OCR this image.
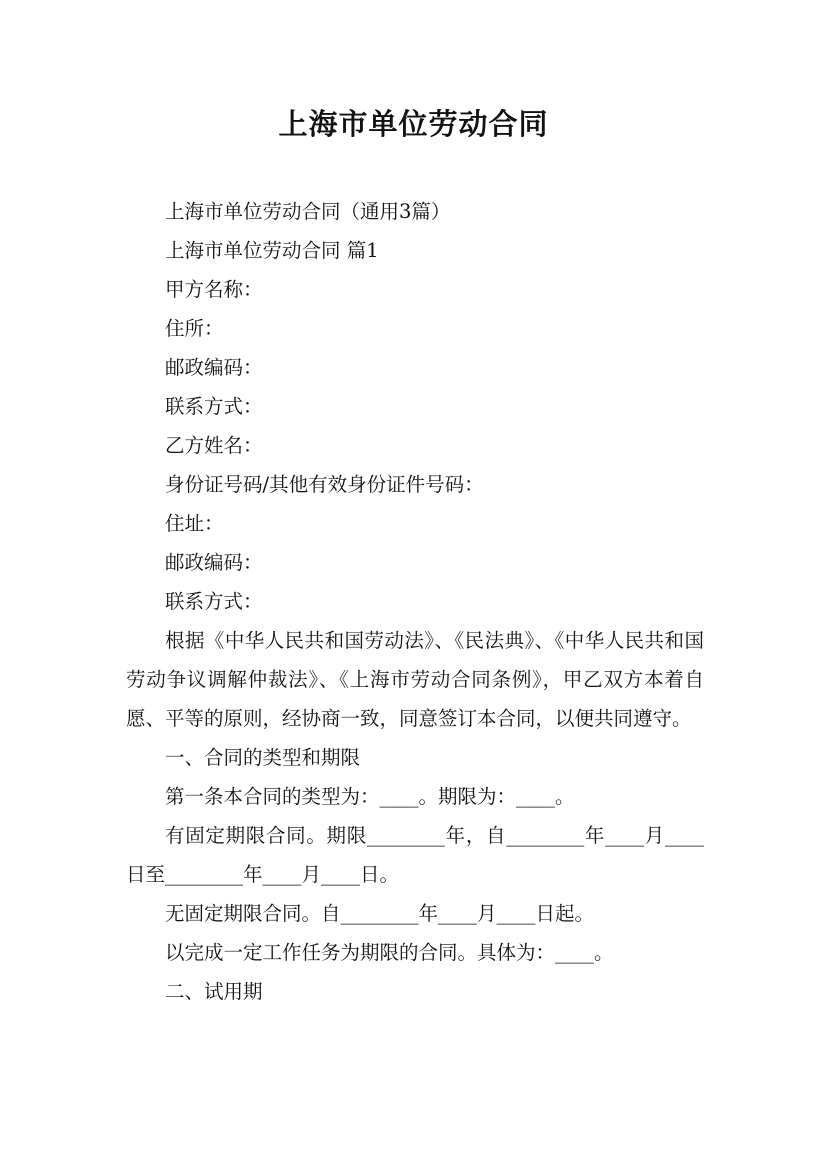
上海市单位劳动合同

上海市单位劳动合同（通用3篇）

上海市单位劳动合同 篇1

甲方名称：

住所：

邮政编码：

联系方式：

乙方姓名：

身份证号码/其他有效身份证件号码：

住址：

邮政编码：

联系方式：

根据《中华人民共和国劳动法》、《民法典》、《中华人民共和国劳动争议调解仲裁法》、《上海市劳动合同条例》，甲乙双方本着自愿、平等的原则，经协商一致，同意签订本合同，以便共同遵守。

一、合同的类型和期限

第一条本合同的类型为：____。期限为：____。

有固定期限合同。期限________年，自________年____月____日至________年____月____日。

无固定期限合同。自________年____月____日起。

以完成一定工作任务为期限的合同。具体为：____。

二、试用期
